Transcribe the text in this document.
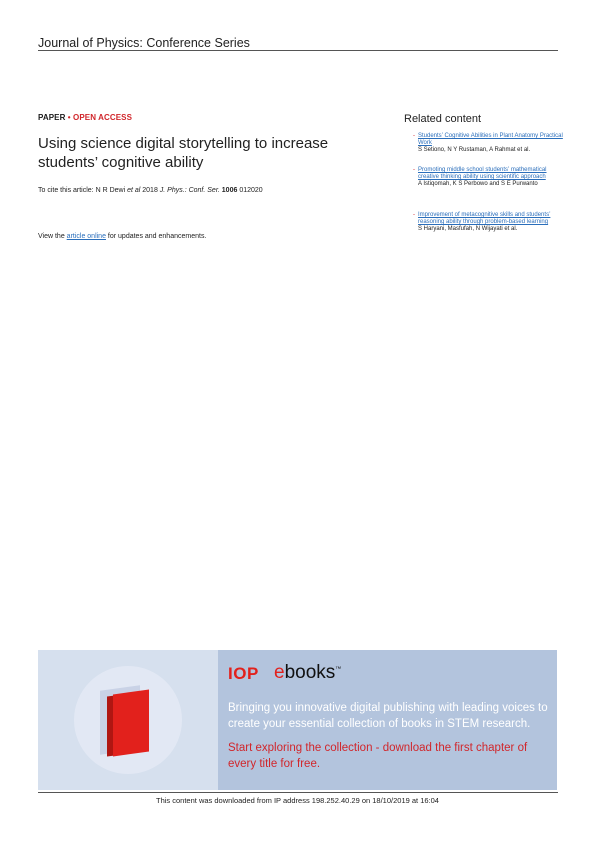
Journal of Physics: Conference Series
PAPER • OPEN ACCESS
Using science digital storytelling to increase students’ cognitive ability
To cite this article: N R Dewi et al 2018 J. Phys.: Conf. Ser. 1006 012020
View the article online for updates and enhancements.
Related content
- Students’ Cognitive Abilities in Plant Anatomy Practical Work
S Setiono, N Y Rustaman, A Rahmat et al.
- Promoting middle school students’ mathematical creative thinking ability using scientific approach
A Istiqomah, K S Perbowo and S E Purwanto
- Improvement of metacognitive skills and students’ reasoning ability through problem-based learning
S Haryani, Masfufah, N Wijayati et al.
IOP ebooks™
Bringing you innovative digital publishing with leading voices to create your essential collection of books in STEM research.
Start exploring the collection - download the first chapter of every title for free.
This content was downloaded from IP address 198.252.40.29 on 18/10/2019 at 16:04
